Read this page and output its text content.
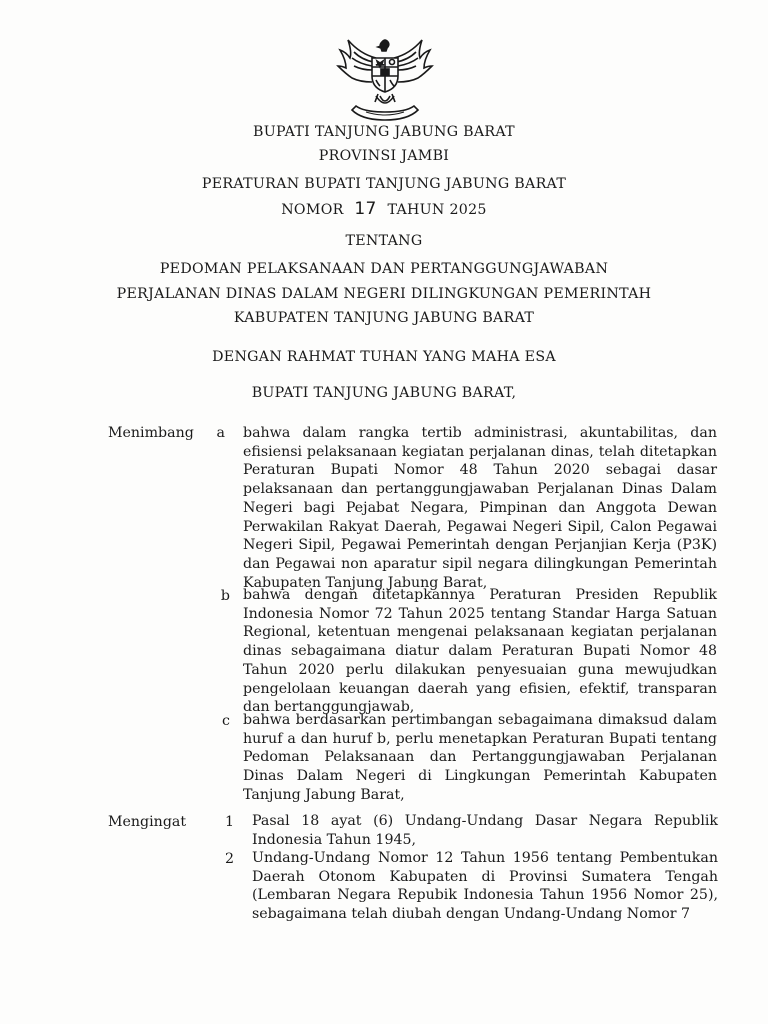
BUPATI TANJUNG JABUNG BARAT
PROVINSI JAMBI
PERATURAN BUPATI TANJUNG JABUNG BARAT
NOMOR 17 TAHUN 2025
TENTANG
PEDOMAN PELAKSANAAN DAN PERTANGGUNGJAWABAN
PERJALANAN DINAS DALAM NEGERI DILINGKUNGAN PEMERINTAH
KABUPATEN TANJUNG JABUNG BARAT
DENGAN RAHMAT TUHAN YANG MAHA ESA
BUPATI TANJUNG JABUNG BARAT,
Menimbang	a bahwa dalam rangka tertib administrasi, akuntabilitas, dan efisiensi pelaksanaan kegiatan perjalanan dinas, telah ditetapkan Peraturan Bupati Nomor 48 Tahun 2020 sebagai dasar pelaksanaan dan pertanggungjawaban Perjalanan Dinas Dalam Negeri bagi Pejabat Negara, Pimpinan dan Anggota Dewan Perwakilan Rakyat Daerah, Pegawai Negeri Sipil, Calon Pegawai Negeri Sipil, Pegawai Pemerintah dengan Perjanjian Kerja (P3K) dan Pegawai non aparatur sipil negara dilingkungan Pemerintah Kabupaten Tanjung Jabung Barat,

b bahwa dengan ditetapkannya Peraturan Presiden Republik Indonesia Nomor 72 Tahun 2025 tentang Standar Harga Satuan Regional, ketentuan mengenai pelaksanaan kegiatan perjalanan dinas sebagaimana diatur dalam Peraturan Bupati Nomor 48 Tahun 2020 perlu dilakukan penyesuaian guna mewujudkan pengelolaan keuangan daerah yang efisien, efektif, transparan dan bertanggungjawab,

c bahwa berdasarkan pertimbangan sebagaimana dimaksud dalam huruf a dan huruf b, perlu menetapkan Peraturan Bupati tentang Pedoman Pelaksanaan dan Pertanggungjawaban Perjalanan Dinas Dalam Negeri di Lingkungan Pemerintah Kabupaten Tanjung Jabung Barat,

Mengingat	1 Pasal 18 ayat (6) Undang-Undang Dasar Negara Republik Indonesia Tahun 1945,

2 Undang-Undang Nomor 12 Tahun 1956 tentang Pembentukan Daerah Otonom Kabupaten di Provinsi Sumatera Tengah (Lembaran Negara Repubik Indonesia Tahun 1956 Nomor 25), sebagaimana telah diubah dengan Undang-Undang Nomor 7
